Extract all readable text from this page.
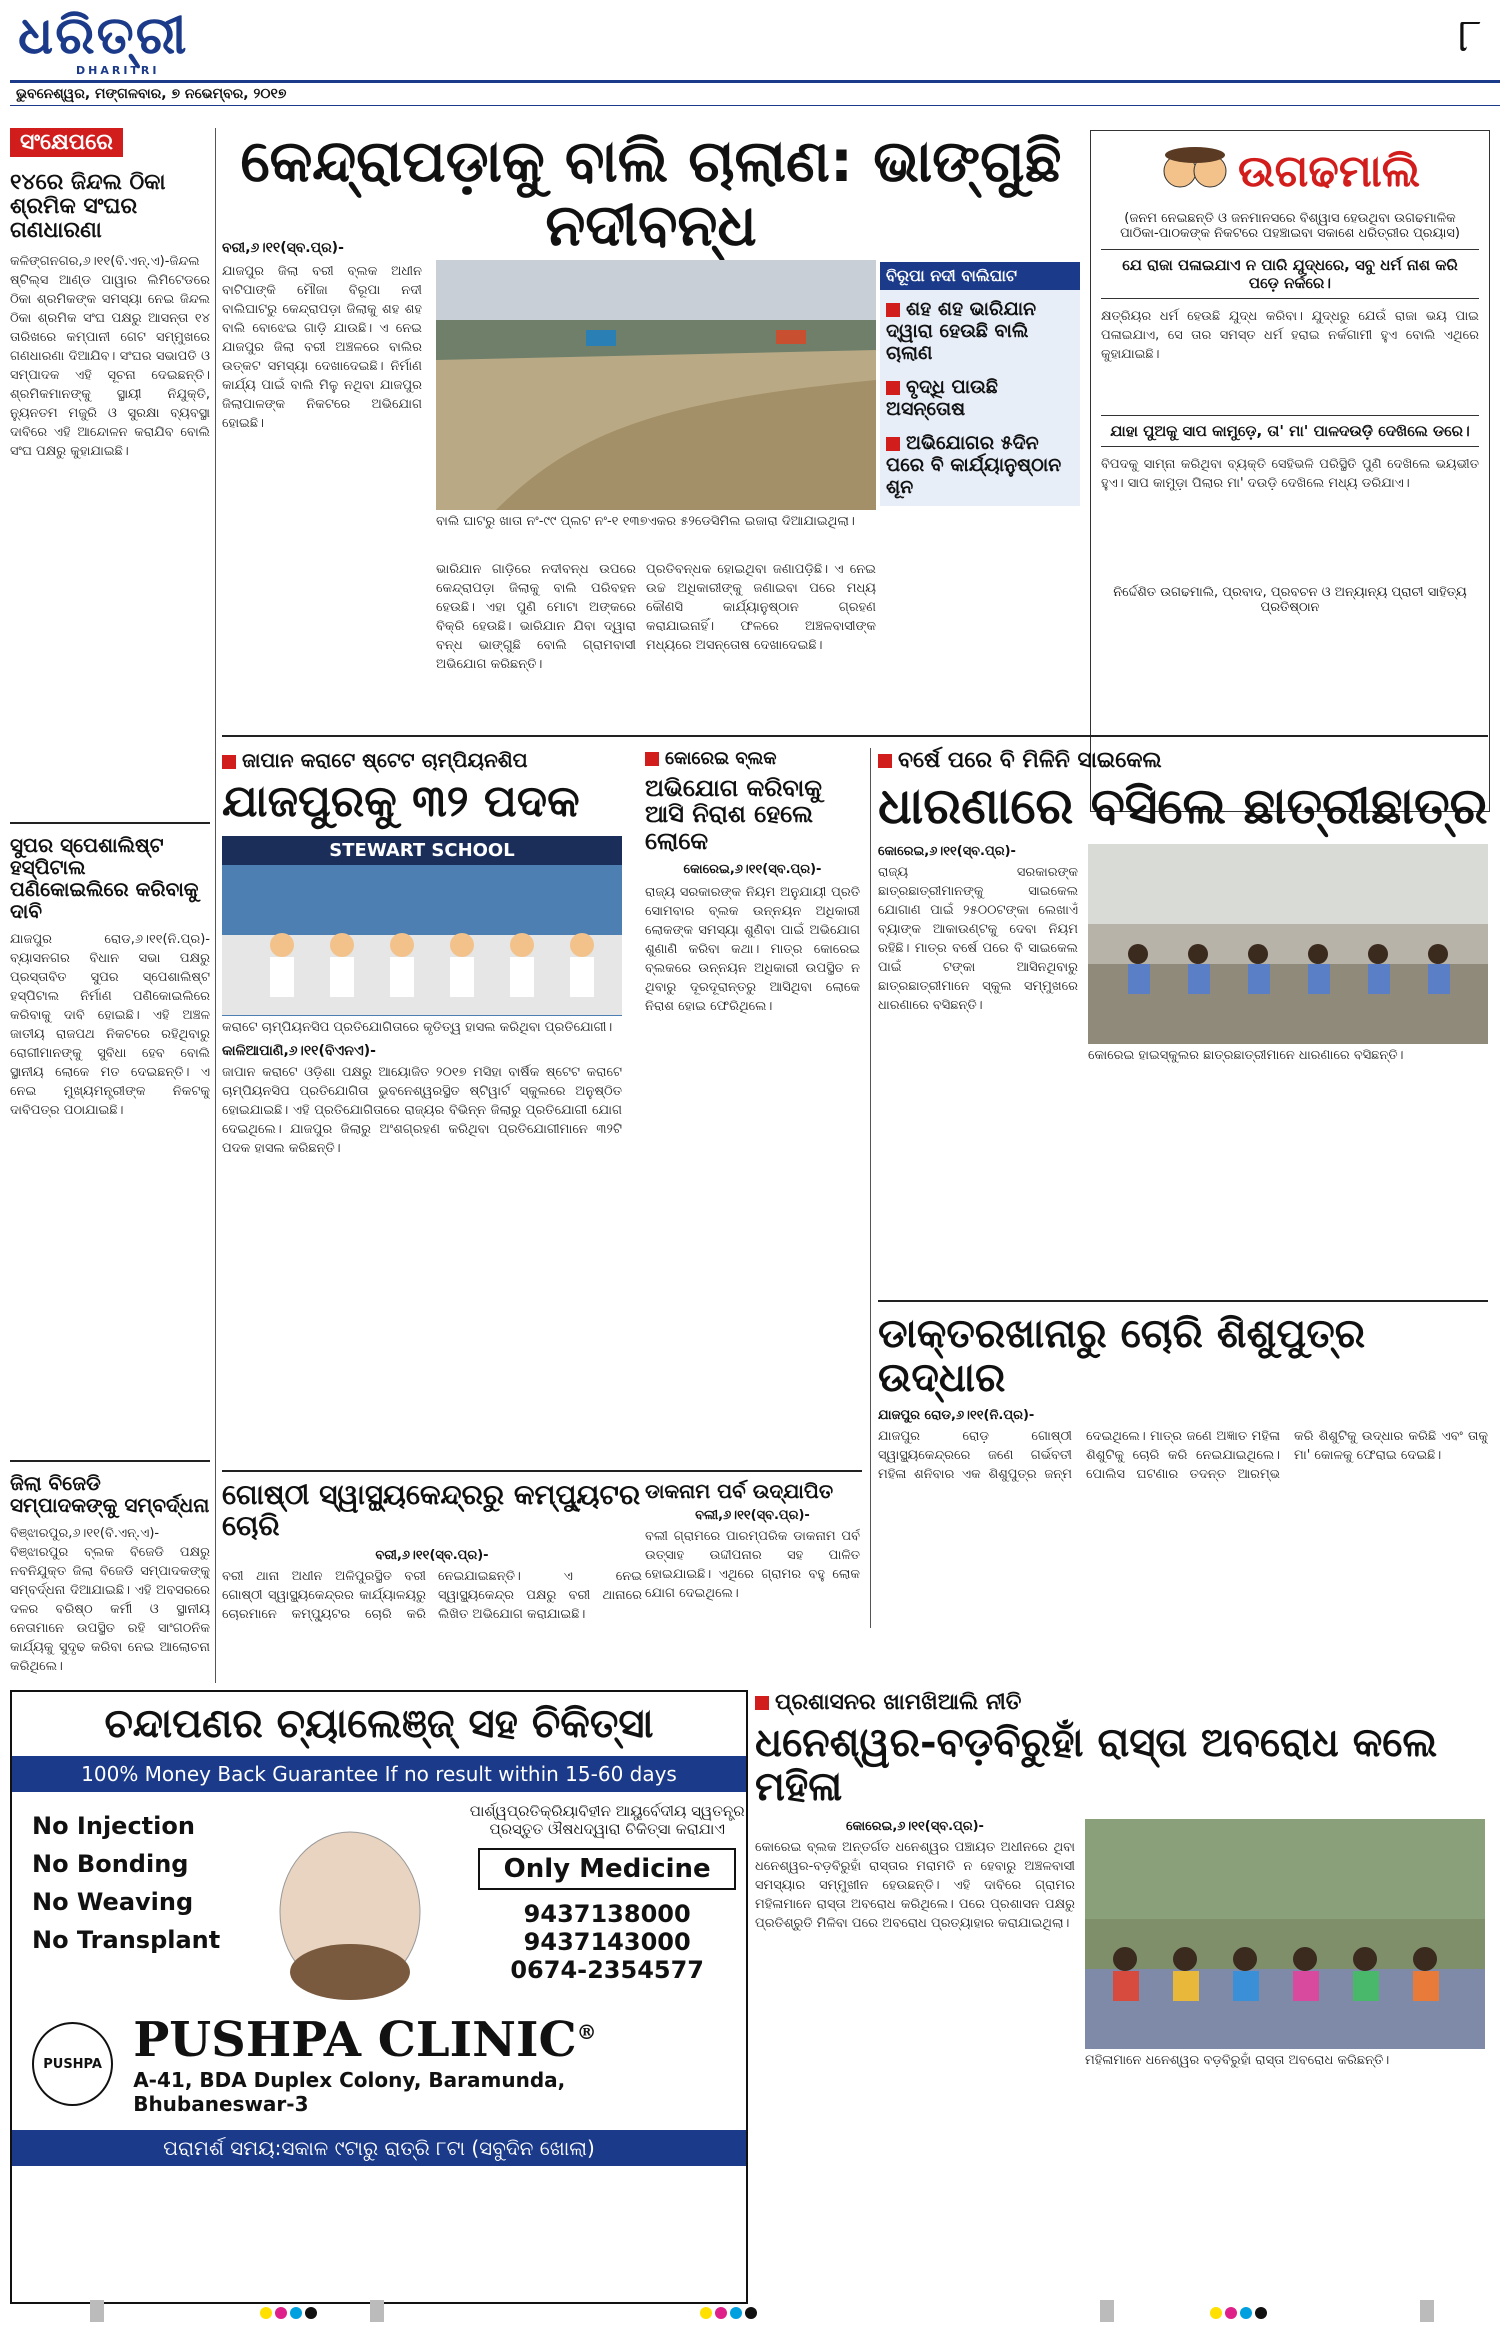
ଧରିତ୍ରୀ
DHARITRI
୮
ଭୁବନେଶ୍ୱର, ମଙ୍ଗଳବାର, ୭ ନଭେମ୍ବର, ୨୦୧୭
ସଂକ୍ଷେପରେ
୧୪ରେ ଜିନ୍ଦଲ ଠିକା ଶ୍ରମିକ ସଂଘର ଗଣଧାରଣା
କଳିଙ୍ଗନଗର,୬।୧୧(ବି.ଏନ୍.ଏ)-ଜିନ୍ଦଲ ଷ୍ଟିଲ୍ସ ଆଣ୍ଡ ପାୱାର ଲିମିଟେଡରେ ଠିକା ଶ୍ରମିକଙ୍କ ସମସ୍ୟା ନେଇ ଜିନ୍ଦଲ ଠିକା ଶ୍ରମିକ ସଂଘ ପକ୍ଷରୁ ଆସନ୍ତା ୧୪ ତାରିଖରେ କମ୍ପାନୀ ଗେଟ ସମ୍ମୁଖରେ ଗଣଧାରଣା ଦିଆଯିବ। ସଂଘର ସଭାପତି ଓ ସମ୍ପାଦକ ଏହି ସୂଚନା ଦେଇଛନ୍ତି। ଶ୍ରମିକମାନଙ୍କୁ ସ୍ଥାୟୀ ନିଯୁକ୍ତି, ନ୍ୟୁନତମ ମଜୁରି ଓ ସୁରକ୍ଷା ବ୍ୟବସ୍ଥା ଦାବିରେ ଏହି ଆନ୍ଦୋଳନ କରାଯିବ ବୋଲି ସଂଘ ପକ୍ଷରୁ କୁହାଯାଇଛି।
ସୁପର ସ୍ପେଶାଲିଷ୍ଟ ହସ୍ପିଟାଲ ପଣିକୋଇଲିରେ କରିବାକୁ ଦାବି
ଯାଜପୁର ରୋଡ,୬।୧୧(ନି.ପ୍ର)-ବ୍ୟାସନଗର ବିଧାନ ସଭା ପକ୍ଷରୁ ପ୍ରସ୍ତାବିତ ସୁପର ସ୍ପେଶାଲିଷ୍ଟ ହସ୍ପିଟାଲ ନିର୍ମାଣ ପଣିକୋଇଲିରେ କରିବାକୁ ଦାବି ହୋଇଛି। ଏହି ଅଞ୍ଚଳ ଜାତୀୟ ରାଜପଥ ନିକଟରେ ରହିଥିବାରୁ ରୋଗୀମାନଙ୍କୁ ସୁବିଧା ହେବ ବୋଲି ସ୍ଥାନୀୟ ଲୋକେ ମତ ଦେଇଛନ୍ତି। ଏ ନେଇ ମୁଖ୍ୟମନ୍ତ୍ରୀଙ୍କ ନିକଟକୁ ଦାବିପତ୍ର ପଠାଯାଇଛି।
ଜିଲା ବିଜେଡି ସମ୍ପାଦକଙ୍କୁ ସମ୍ବର୍ଦ୍ଧନା
ବିଞ୍ଝାରପୁର,୬।୧୧(ବି.ଏନ୍.ଏ)-ବିଞ୍ଝାରପୁର ବ୍ଲକ ବିଜେଡି ପକ୍ଷରୁ ନବନିଯୁକ୍ତ ଜିଲା ବିଜେଡି ସମ୍ପାଦକଙ୍କୁ ସମ୍ବର୍ଦ୍ଧନା ଦିଆଯାଇଛି। ଏହି ଅବସରରେ ଦଳର ବରିଷ୍ଠ କର୍ମୀ ଓ ସ୍ଥାନୀୟ ନେତାମାନେ ଉପସ୍ଥିତ ରହି ସାଂଗଠନିକ କାର୍ଯ୍ୟକୁ ସୁଦୃଢ କରିବା ନେଇ ଆଲୋଚନା କରିଥିଲେ।
କେନ୍ଦ୍ରାପଡ଼ାକୁ ବାଲି ଚାଲାଣ: ଭାଙ୍ଗୁଛି ନଦୀବନ୍ଧ
ବରୀ,୬।୧୧(ସ୍ବ.ପ୍ର)-
ଯାଜପୁର ଜିଲା ବରୀ ବ୍ଲକ ଅଧୀନ ବାଟିପାଙ୍କି ମୌଜା ବିରୂପା ନଦୀ ବାଲିଘାଟରୁ କେନ୍ଦ୍ରାପଡ଼ା ଜିଲାକୁ ଶହ ଶହ ବାଲି ବୋଝେଇ ଗାଡ଼ି ଯାଉଛି। ଏ ନେଇ ଯାଜପୁର ଜିଲା ବରୀ ଅଞ୍ଚଳରେ ବାଲିର ଉତ୍କଟ ସମସ୍ୟା ଦେଖାଦେଇଛି। ନିର୍ମାଣ କାର୍ଯ୍ୟ ପାଇଁ ବାଲି ମିଳୁ ନଥିବା ଯାଜପୁର ଜିଲାପାଳଙ୍କ ନିକଟରେ ଅଭିଯୋଗ ହୋଇଛି।
ବାଲି ଘାଟରୁ ଖାତା ନଂ-୯୯ ପ୍ଲଟ ନଂ-୧ ୧୩୭ଏକର ୫୨ଡେସିମିଲ ଇଜାରା ଦିଆଯାଇଥିଲା।
ଭାରିଯାନ ଗାଡ଼ିରେ ନଦୀବନ୍ଧ ଉପରେ କେନ୍ଦ୍ରାପଡ଼ା ଜିଲାକୁ ବାଲି ପରିବହନ ହେଉଛି। ଏହା ପୁଣି ମୋଟା ଅଙ୍କରେ ବିକ୍ରି ହେଉଛି। ଭାରିଯାନ ଯିବା ଦ୍ୱାରା ବନ୍ଧ ଭାଙ୍ଗୁଛି ବୋଲି ଗ୍ରାମବାସୀ ଅଭିଯୋଗ କରିଛନ୍ତି।
ପ୍ରତିବନ୍ଧକ ହୋଇଥିବା ଜଣାପଡ଼ିଛି। ଏ ନେଇ ଉଚ୍ଚ ଅଧିକାରୀଙ୍କୁ ଜଣାଇବା ପରେ ମଧ୍ୟ କୌଣସି କାର୍ଯ୍ୟାନୁଷ୍ଠାନ ଗ୍ରହଣ କରାଯାଇନାହିଁ। ଫଳରେ ଅଞ୍ଚଳବାସୀଙ୍କ ମଧ୍ୟରେ ଅସନ୍ତୋଷ ଦେଖାଦେଇଛି।
ବିରୂପା ନଦୀ ବାଲିଘାଟ
ଶହ ଶହ ଭାରିଯାନ ଦ୍ୱାରା ହେଉଛି ବାଲି ଚାଲାଣ
ବୃଦ୍ଧି ପାଉଛି ଅସନ୍ତୋଷ
ଅଭିଯୋଗର ୫ଦିନ ପରେ ବି କାର୍ଯ୍ୟାନୁଷ୍ଠାନ ଶୂନ
ଉଗଢମାଲି
(ଜନମ ନେଇଛନ୍ତି ଓ ଜନମାନସରେ ବିଶ୍ୱାସ ହେଉଥିବା ଉଗଢମାଳିକ ପାଠିକା-ପାଠକଙ୍କ ନିକଟରେ ପହଞ୍ଚାଇବା ସକାଶେ ଧରିତ୍ରୀର ପ୍ରୟାସ)
ଯେ ରାଜା ପଳାଇଯାଏ ନ ପାରି ଯୁଦ୍ଧରେ, ସବୁ ଧର୍ମ ନାଶ କରି ପଡ଼େ ନର୍କରେ।
କ୍ଷତ୍ରିୟର ଧର୍ମ ହେଉଛି ଯୁଦ୍ଧ କରିବା। ଯୁଦ୍ଧରୁ ଯେଉଁ ରାଜା ଭୟ ପାଇ ପଳାଇଯାଏ, ସେ ତାର ସମସ୍ତ ଧର୍ମ ହରାଇ ନର୍କଗାମୀ ହୁଏ ବୋଲି ଏଥିରେ କୁହାଯାଇଛି।
ଯାହା ପୁଅକୁ ସାପ କାମୁଡ଼େ, ତା' ମା' ପାଳଦଉଡ଼ି ଦେଖିଲେ ଡରେ।
ବିପଦକୁ ସାମ୍ନା କରିଥିବା ବ୍ୟକ୍ତି ସେହିଭଳି ପରିସ୍ଥିତି ପୁଣି ଦେଖିଲେ ଭୟଭୀତ ହୁଏ। ସାପ କାମୁଡ଼ା ପିଲାର ମା' ଦଉଡ଼ି ଦେଖିଲେ ମଧ୍ୟ ଡରିଯାଏ।
ନିର୍ଦ୍ଦେଶିତ ଉଗଢମାଲି, ପ୍ରବାଦ, ପ୍ରବଚନ ଓ ଅନ୍ୟାନ୍ୟ ପ୍ରାଚୀ ସାହିତ୍ୟ ପ୍ରତିଷ୍ଠାନ
ଜାପାନ କରାଟେ ଷ୍ଟେଟ ଚାମ୍ପିୟନଶିପ
ଯାଜପୁରକୁ ୩୨ ପଦକ
STEWART SCHOOL
କରାଟେ ଚାମ୍ପିୟନସିପ ପ୍ରତିଯୋଗିତାରେ କୃତିତ୍ୱ ହାସଲ କରିଥିବା ପ୍ରତିଯୋଗୀ।
କାଳିଆପାଣି,୬।୧୧(ବିଏନଏ)-
ଜାପାନ କରାଟେ ଓଡ଼ିଶା ପକ୍ଷରୁ ଆୟୋଜିତ ୨୦୧୭ ମସିହା ବାର୍ଷିକ ଷ୍ଟେଟ କରାଟେ ଚାମ୍ପିୟନସିପ ପ୍ରତିଯୋଗିତା ଭୁବନେଶ୍ୱରସ୍ଥିତ ଷ୍ଟିୱାର୍ଟ ସ୍କୁଲରେ ଅନୁଷ୍ଠିତ ହୋଇଯାଇଛି। ଏହି ପ୍ରତିଯୋଗିତାରେ ରାଜ୍ୟର ବିଭିନ୍ନ ଜିଲାରୁ ପ୍ରତିଯୋଗୀ ଯୋଗ ଦେଇଥିଲେ। ଯାଜପୁର ଜିଲାରୁ ଅଂଶଗ୍ରହଣ କରିଥିବା ପ୍ରତିଯୋଗୀମାନେ ୩୨ଟି ପଦକ ହାସଲ କରିଛନ୍ତି।
କୋରେଇ ବ୍ଲକ
ଅଭିଯୋଗ କରିବାକୁ ଆସି ନିରାଶ ହେଲେ ଲୋକେ
କୋରେଇ,୬।୧୧(ସ୍ବ.ପ୍ର)-
ରାଜ୍ୟ ସରକାରଙ୍କ ନିୟମ ଅନୁଯାୟୀ ପ୍ରତି ସୋମବାର ବ୍ଲକ ଉନ୍ନୟନ ଅଧିକାରୀ ଲୋକଙ୍କ ସମସ୍ୟା ଶୁଣିବା ପାଇଁ ଅଭିଯୋଗ ଶୁଣାଣି କରିବା କଥା। ମାତ୍ର କୋରେଇ ବ୍ଲକରେ ଉନ୍ନୟନ ଅଧିକାରୀ ଉପସ୍ଥିତ ନ ଥିବାରୁ ଦୂରଦୂରାନ୍ତରୁ ଆସିଥିବା ଲୋକେ ନିରାଶ ହୋଇ ଫେରିଥିଲେ।
ବର୍ଷେ ପରେ ବି ମିଳିନି ସାଇକେଲ
ଧାରଣାରେ ବସିଲେ ଛାତ୍ରୀଛାତ୍ର
କୋରେଇ,୬।୧୧(ସ୍ବ.ପ୍ର)-
ରାଜ୍ୟ ସରକାରଙ୍କ ଛାତ୍ରଛାତ୍ରୀମାନଙ୍କୁ ସାଇକେଲ ଯୋଗାଣ ପାଇଁ ୨୫୦୦ଟଙ୍କା ଲେଖାଏଁ ବ୍ୟାଙ୍କ ଆକାଉଣ୍ଟକୁ ଦେବା ନିୟମ ରହିଛି। ମାତ୍ର ବର୍ଷେ ପରେ ବି ସାଇକେଲ ପାଇଁ ଟଙ୍କା ଆସିନଥିବାରୁ ଛାତ୍ରଛାତ୍ରୀମାନେ ସ୍କୁଲ ସମ୍ମୁଖରେ ଧାରଣାରେ ବସିଛନ୍ତି।
କୋରେଇ ହାଇସ୍କୁଲର ଛାତ୍ରଛାତ୍ରୀମାନେ ଧାରଣାରେ ବସିଛନ୍ତି।
ଡାକ୍ତରଖାନାରୁ ଚୋରି ଶିଶୁପୁତ୍ର ଉଦ୍ଧାର
ଯାଜପୁର ରୋଡ,୬।୧୧(ନି.ପ୍ର)-
ଯାଜପୁର ରୋଡ଼ ଗୋଷ୍ଠୀ ସ୍ୱାସ୍ଥ୍ୟକେନ୍ଦ୍ରରେ ଜଣେ ଗର୍ଭବତୀ ମହିଳା ଶନିବାର ଏକ ଶିଶୁପୁତ୍ର ଜନ୍ମ ଦେଇଥିଲେ। ମାତ୍ର ଜଣେ ଅଜ୍ଞାତ ମହିଳା ଶିଶୁଟିକୁ ଚୋରି କରି ନେଇଯାଇଥିଲେ। ପୋଲିସ ଘଟଣାର ତଦନ୍ତ ଆରମ୍ଭ କରି ଶିଶୁଟିକୁ ଉଦ୍ଧାର କରିଛି ଏବଂ ତାକୁ ମା' କୋଳକୁ ଫେରାଇ ଦେଇଛି।
ଗୋଷ୍ଠୀ ସ୍ୱାସ୍ଥ୍ୟକେନ୍ଦ୍ରରୁ କମ୍ପ୍ୟୁଟର ଚୋରି
ବରୀ,୬।୧୧(ସ୍ବ.ପ୍ର)-
ବରୀ ଥାନା ଅଧୀନ ଅଳିପୁରସ୍ଥିତ ବରୀ ଗୋଷ୍ଠୀ ସ୍ୱାସ୍ଥ୍ୟକେନ୍ଦ୍ରର କାର୍ଯ୍ୟାଳୟରୁ ଚୋରମାନେ କମ୍ପ୍ୟୁଟର ଚୋରି କରି ନେଇଯାଇଛନ୍ତି। ଏ ନେଇ ସ୍ୱାସ୍ଥ୍ୟକେନ୍ଦ୍ର ପକ୍ଷରୁ ବରୀ ଥାନାରେ ଲିଖିତ ଅଭିଯୋଗ କରାଯାଇଛି।
ଡାକନାମ ପର୍ବ ଉଦ୍‌ଯାପିତ
ବଲୀ,୬।୧୧(ସ୍ବ.ପ୍ର)-
ବଲୀ ଗ୍ରାମରେ ପାରମ୍ପରିକ ଡାକନାମ ପର୍ବ ଉତ୍ସାହ ଉଦ୍ଦୀପନାର ସହ ପାଳିତ ହୋଇଯାଇଛି। ଏଥିରେ ଗ୍ରାମର ବହୁ ଲୋକ ଯୋଗ ଦେଇଥିଲେ।
ଚନ୍ଦାପଣର ଚ୍ୟାଲେଞ୍ଜ୍ ସହ ଚିକିତ୍ସା
100% Money Back Guarantee If no result within 15-60 days
No Injection
No Bonding
No Weaving
No Transplant
ପାର୍ଶ୍ୱପ୍ରତିକ୍ରିୟାବିହୀନ ଆୟୁର୍ବେଦୀୟ ସ୍ୱତନ୍ତ୍ର ପ୍ରସ୍ତୁତ ଔଷଧଦ୍ୱାରା ଚିକିତ୍ସା କରାଯାଏ
Only Medicine
9437138000
9437143000
0674-2354577
PUSHPA PUSHPA CLINIC®
A-41, BDA Duplex Colony, Baramunda, Bhubaneswar-3
ପରାମର୍ଶ ସମୟ:ସକାଳ ୯ଟାରୁ ରାତ୍ରି ୮ଟା (ସବୁଦିନ ଖୋଲା)
ପ୍ରଶାସନର ଖାମଖିଆଲି ନୀତି
ଧନେଶ୍ୱର-ବଡ଼ବିରୁହାଁ ରାସ୍ତା ଅବରୋଧ କଲେ ମହିଳା
କୋରେଇ,୬।୧୧(ସ୍ବ.ପ୍ର)-
କୋରେଇ ବ୍ଲକ ଅନ୍ତର୍ଗତ ଧନେଶ୍ୱର ପଞ୍ଚାୟତ ଅଧୀନରେ ଥିବା ଧନେଶ୍ୱର-ବଡ଼ବିରୁହାଁ ରାସ୍ତାର ମରାମତି ନ ହେବାରୁ ଅଞ୍ଚଳବାସୀ ସମସ୍ୟାର ସମ୍ମୁଖୀନ ହେଉଛନ୍ତି। ଏହି ଦାବିରେ ଗ୍ରାମର ମହିଳାମାନେ ରାସ୍ତା ଅବରୋଧ କରିଥିଲେ। ପରେ ପ୍ରଶାସନ ପକ୍ଷରୁ ପ୍ରତିଶ୍ରୁତି ମିଳିବା ପରେ ଅବରୋଧ ପ୍ରତ୍ୟାହାର କରାଯାଇଥିଲା।
ମହିଳାମାନେ ଧନେଶ୍ୱର ବଡ଼ବିରୁହାଁ ରାସ୍ତା ଅବରୋଧ କରିଛନ୍ତି।
